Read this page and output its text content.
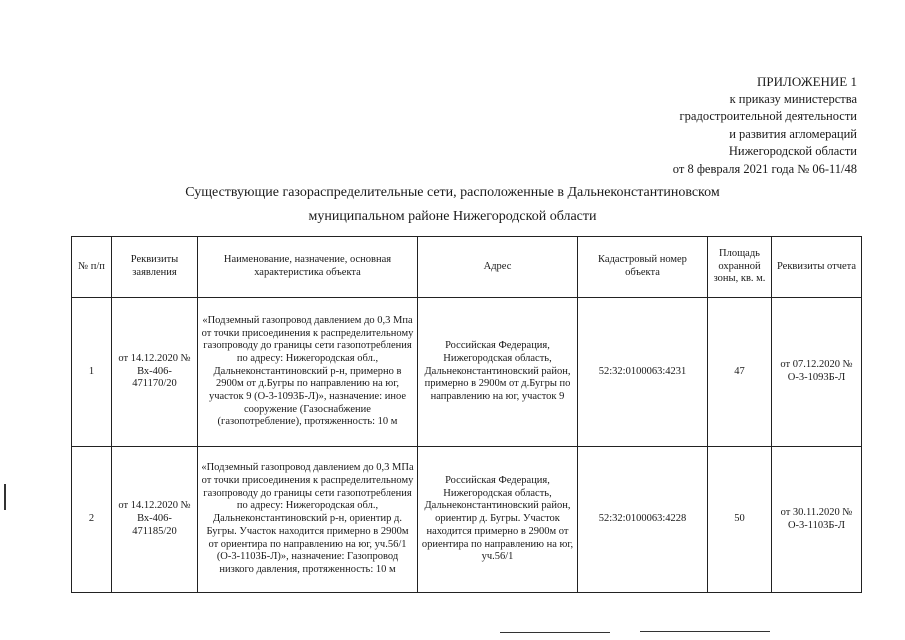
ПРИЛОЖЕНИЕ 1
к приказу министерства
градостроительной деятельности
и развития агломераций
Нижегородской области
от 8 февраля 2021 года № 06-11/48
Существующие газораспределительные сети, расположенные в Дальнеконстантиновском
муниципальном районе Нижегородской области
№ п/п	Реквизиты заявления	Наименование, назначение, основная характеристика объекта	Адрес	Кадастровый номер объекта	Площадь охранной зоны, кв. м.	Реквизиты отчета
1	от 14.12.2020 № Вх-406-471170/20	«Подземный газопровод давлением до 0,3 Мпа от точки присоединения к распределительному газопроводу до границы сети газопотребления по адресу: Нижегородская обл., Дальнеконстантиновский р-н, примерно в 2900м от д.Бугры по направлению на юг, участок 9 (О-3-1093Б-Л)», назначение: иное сооружение (Газоснабжение (газопотребление), протяженность: 10 м	Российская Федерация, Нижегородская область, Дальнеконстантиновский район, примерно в 2900м от д.Бугры по направлению на юг, участок 9	52:32:0100063:4231	47	от 07.12.2020 № О-3-1093Б-Л
2	от 14.12.2020 № Вх-406-471185/20	«Подземный газопровод давлением до 0,3 МПа от точки присоединения к распределительному газопроводу до границы сети газопотребления по адресу: Нижегородская обл., Дальнеконстантиновский р-н, ориентир д. Бугры. Участок находится примерно в 2900м от ориентира по направлению на юг, уч.56/1 (О-3-1103Б-Л)», назначение: Газопровод низкого давления, протяженность: 10 м	Российская Федерация, Нижегородская область, Дальнеконстантиновский район, ориентир д. Бугры. Участок находится примерно в 2900м от ориентира по направлению на юг, уч.56/1	52:32:0100063:4228	50	от 30.11.2020 № О-3-1103Б-Л
